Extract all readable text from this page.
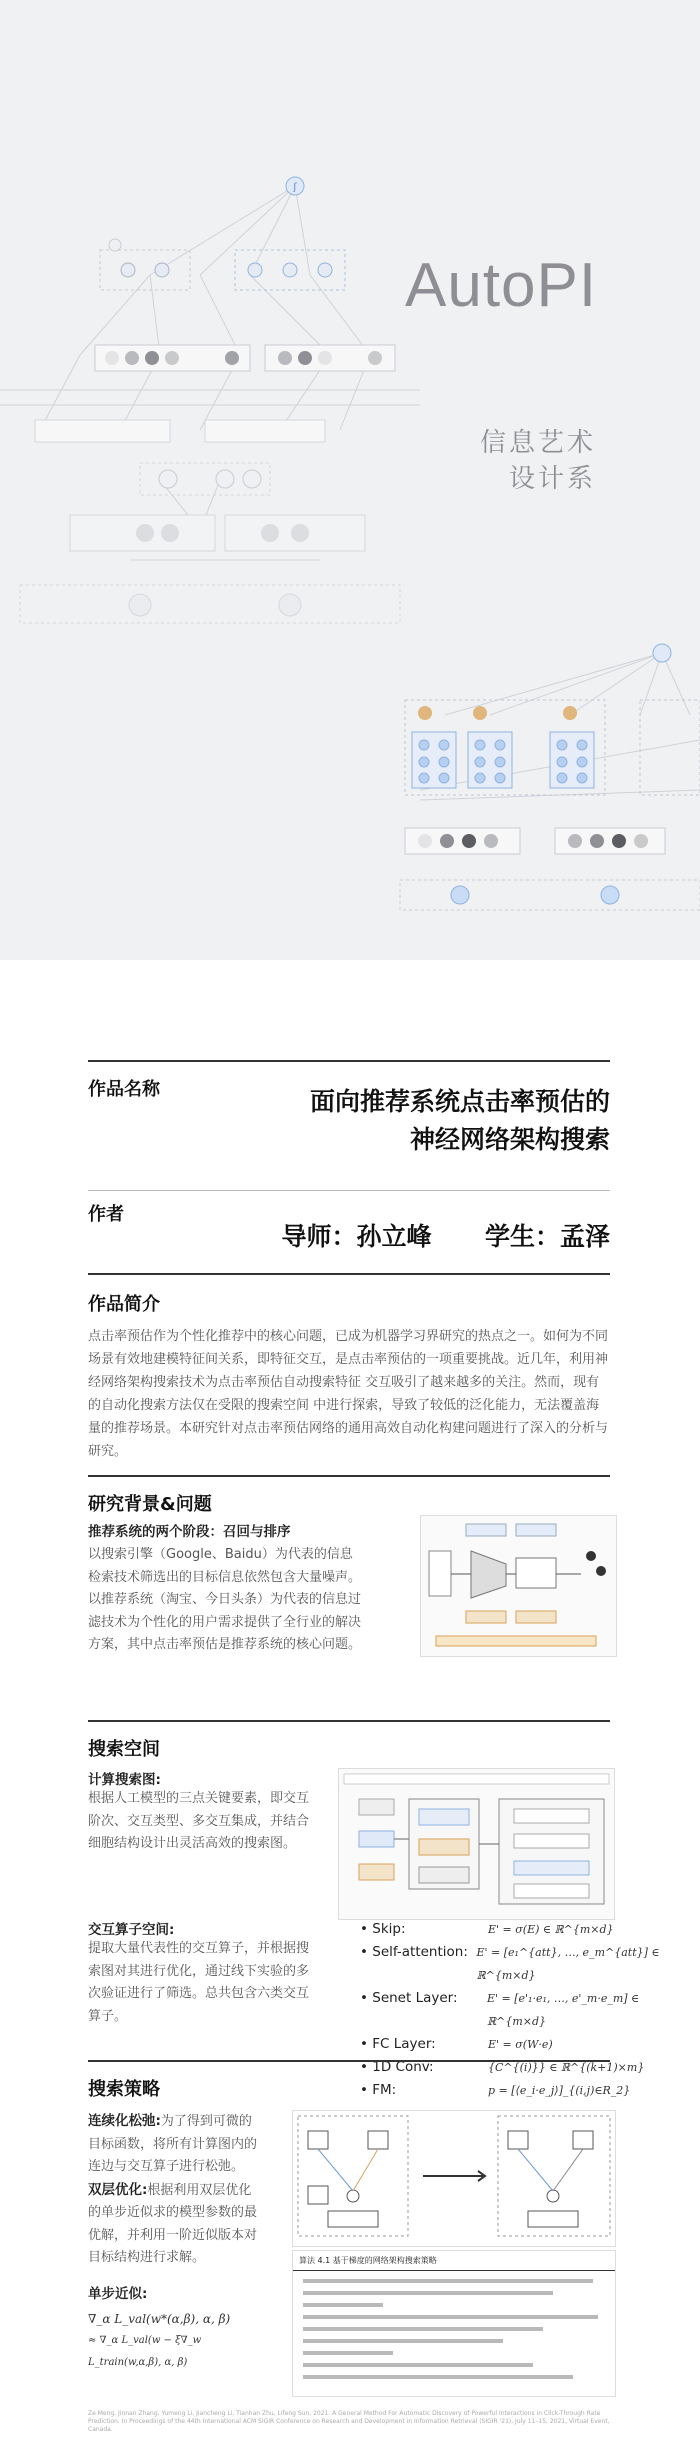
ʃ
AutoPI
信息艺术
设计系
作品名称	面向推荐系统点击率预估的
神经网络架构搜索
作者
导师：孙立峰 学生：孟泽
作品简介
点击率预估作为个性化推荐中的核心问题，已成为机器学习界研究的热点之一。如何为不同场景有效地建模特征间关系，即特征交互，是点击率预估的一项重要挑战。近几年，利用神经网络架构搜索技术为点击率预估自动搜索特征 交互吸引了越来越多的关注。然而，现有的自动化搜索方法仅在受限的搜索空间 中进行探索，导致了较低的泛化能力，无法覆盖海量的推荐场景。本研究针对点击率预估网络的通用高效自动化构建问题进行了深入的分析与研究。
研究背景&问题
推荐系统的两个阶段：召回与排序
以搜索引擎（Google、Baidu）为代表的信息检索技术筛选出的目标信息依然包含大量噪声。
以推荐系统（淘宝、今日头条）为代表的信息过滤技术为个性化的用户需求提供了全行业的解决方案，其中点击率预估是推荐系统的核心问题。
搜索空间
计算搜索图:
根据人工模型的三点关键要素，即交互阶次、交互类型、多交互集成，并结合细胞结构设计出灵活高效的搜索图。
交互算子空间:
提取大量代表性的交互算子，并根据搜索图对其进行优化，通过线下实验的多次验证进行了筛选。总共包含六类交互算子。
• Skip:	E' = σ(E) ∈ ℝ^{m×d}
• Self-attention: E' = [e₁^{att}, …, e_m^{att}] ∈ ℝ^{m×d}
• Senet Layer:	E' = [e'₁·e₁, …, e'_m·e_m] ∈ ℝ^{m×d}
• FC Layer:	E' = σ(W·e)
• 1D Conv:	{C^{(i)}} ∈ ℝ^{(k+1)×m}
• FM:	p = [⟨e_i·e_j⟩]_{(i,j)∈R_2}
搜索策略
连续化松弛:为了得到可微的目标函数，将所有计算图内的连边与交互算子进行松弛。
双层优化:根据利用双层优化的单步近似求的模型参数的最优解，并利用一阶近似版本对目标结构进行求解。
单步近似:
∇_α L_val(w*(α,β), α, β)
≈ ∇_α L_val(w − ξ∇_w L_train(w,α,β), α, β)
算法 4.1 基于梯度的网络架构搜索策略
Ze Meng, Jinnan Zhang, Yumeng Li, Jiancheng Li, Tianhan Zhu, Lifeng Sun. 2021. A General Method For Automatic Discovery of Powerful Interactions in Click-Through Rate Prediction. In Proceedings of the 44th International ACM SIGIR Conference on Research and Development in Information Retrieval (SIGIR '21), July 11–15, 2021, Virtual Event, Canada.
